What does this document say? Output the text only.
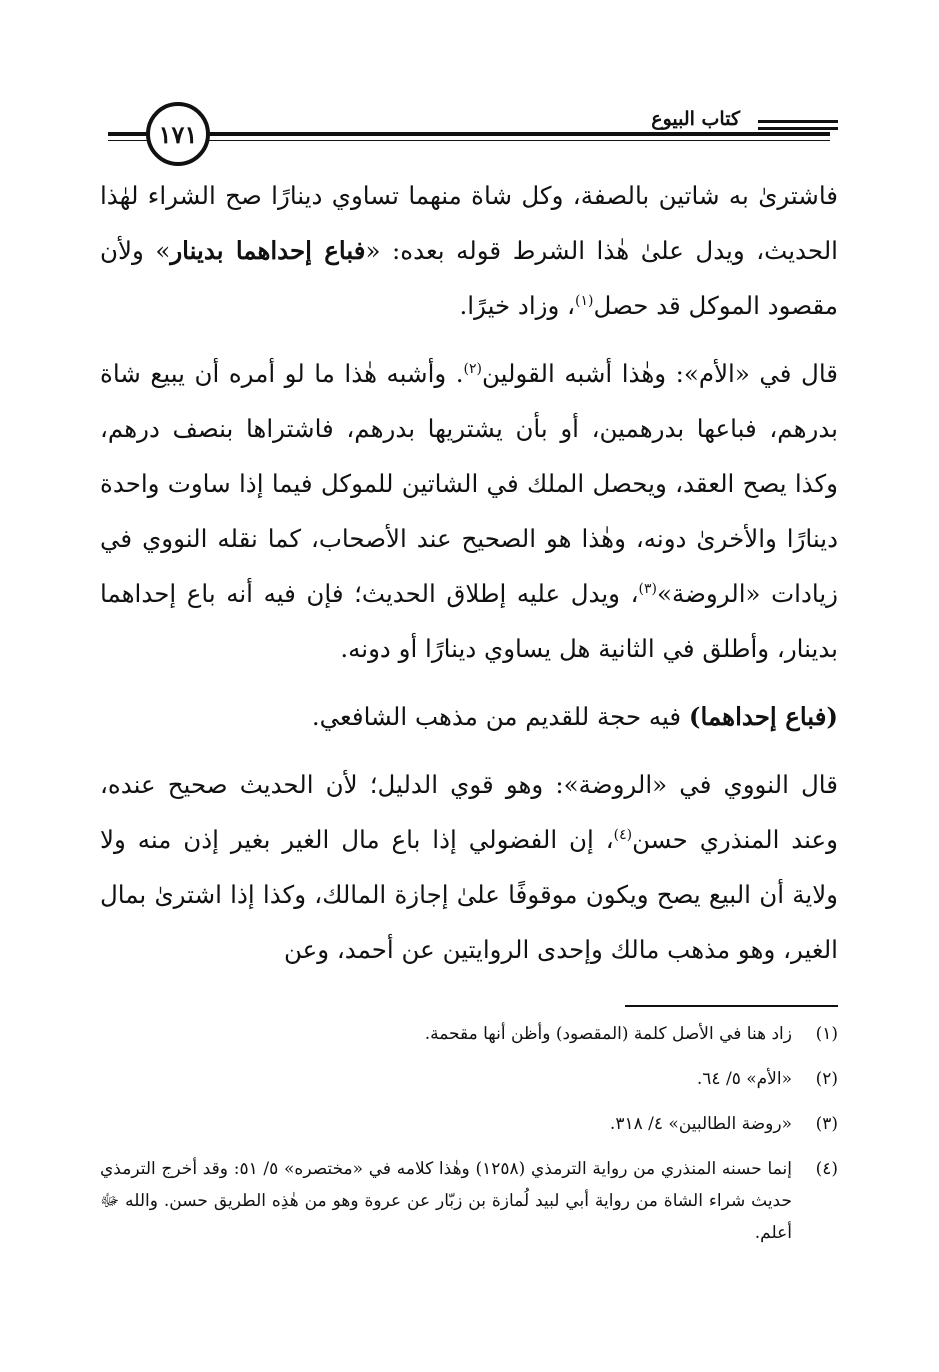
كتاب البيوع
١٧١

فاشترىٰ به شاتين بالصفة، وكل شاة منهما تساوي دينارًا صح الشراء لهٰذا الحديث، ويدل علىٰ هٰذا الشرط قوله بعده: «فباع إحداهما بدينار» ولأن مقصود الموكل قد حصل$^{(١)}$، وزاد خيرًا.

قال في «الأم»: وهٰذا أشبه القولين$^{(٢)}$. وأشبه هٰذا ما لو أمره أن يبيع شاة بدرهم، فباعها بدرهمين، أو بأن يشتريها بدرهم، فاشتراها بنصف درهم، وكذا يصح العقد، ويحصل الملك في الشاتين للموكل فيما إذا ساوت واحدة دينارًا والأخرىٰ دونه، وهٰذا هو الصحيح عند الأصحاب، كما نقله النووي في زيادات «الروضة»$^{(٣)}$، ويدل عليه إطلاق الحديث؛ فإن فيه أنه باع إحداهما بدينار، وأطلق في الثانية هل يساوي دينارًا أو دونه.

(فباع إحداهما) فيه حجة للقديم من مذهب الشافعي.

قال النووي في «الروضة»: وهو قوي الدليل؛ لأن الحديث صحيح عنده، وعند المنذري حسن$^{(٤)}$، إن الفضولي إذا باع مال الغير بغير إذن منه ولا ولاية أن البيع يصح ويكون موقوفًا علىٰ إجازة المالك، وكذا إذا اشترىٰ بمال الغير، وهو مذهب مالك وإحدى الروايتين عن أحمد، وعن

(١)
زاد هنا في الأصل كلمة (المقصود) وأظن أنها مقحمة.
(٢)
«الأم» ٥/ ٦٤.
(٣)
«روضة الطالبين» ٤/ ٣١٨.
(٤)
إنما حسنه المنذري من رواية الترمذي (١٢٥٨) وهٰذا كلامه في «مختصره» ٥/ ٥١: وقد أخرج الترمذي حديث شراء الشاة من رواية أبي لبيد لُمازة بن زبّار عن عروة وهو من هٰذِه الطريق حسن. والله ﷻ أعلم.
